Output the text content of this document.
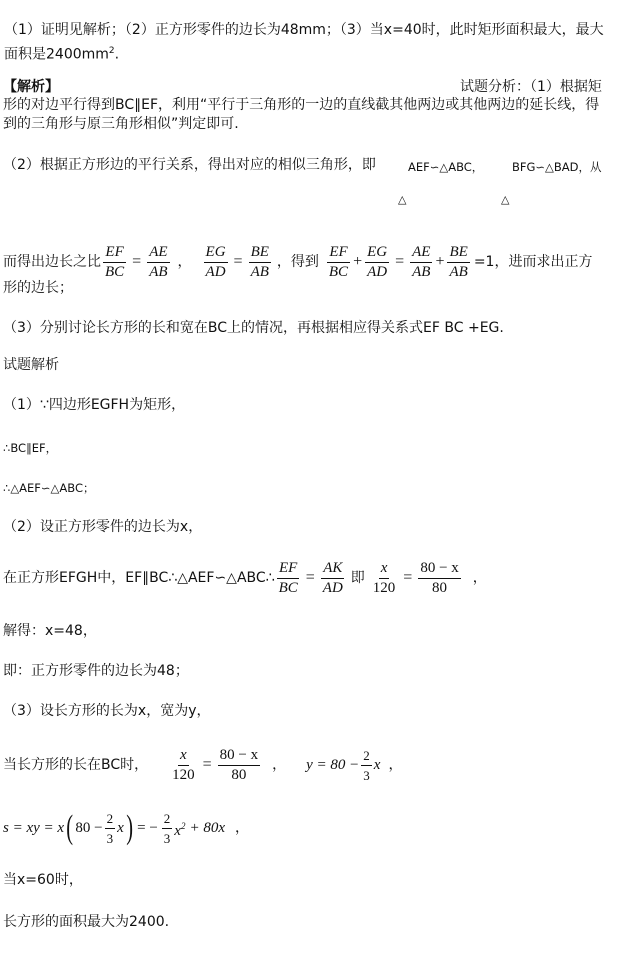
（1）证明见解析；（2）正方形零件的边长为48mm；（3）当x=40时，此时矩形面积最大，最大
面积是$2400mm^2$.
【解析】	试题分析：（1）根据矩
形的对边平行得到BC∥EF，利用“平行于三角形的一边的直线截其他两边或其他两边的延长线，得
到的三角形与原三角形相似”判定即可.
（2）根据正方形边的平行关系，得出对应的相似三角形，即	AEF∽△ABC， BFG∽△BAD，从
△	△
而得出边长之比 $\frac{EF}{BC} = \frac{AE}{AB}$ ， $\frac{EG}{AD} = \frac{BE}{AB}$ ，得到 $\frac{EF}{BC} + \frac{EG}{AD} = \frac{AE}{AB} + \frac{BE}{AB} =1$，进而求出正方
形的边长；
（3）分别讨论长方形的长和宽在BC上的情况，再根据相应得关系式EF BC +EG.
试题解析
（1）∵四边形EGFH为矩形，
∴BC∥EF，
∴△AEF∽△ABC；
（2）设正方形零件的边长为x，
在正方形EFGH中，EF∥BC∴△AEF∽△ABC∴ $\frac{EF}{BC} = \frac{AK}{AD}$ 即 $\frac{x}{120} = \frac{80 - x}{80}$ ，
解得：x=48，
即：正方形零件的边长为48；
（3）设长方形的长为x，宽为y，
当长方形的长在BC时， $\frac{x}{120} = \frac{80 - x}{80}$ ， $y = 80 - \frac{2}{3}$ x ，
s = xy = x ( $80 - \frac{2}{3}$ x ) = − $\frac{2}{3} x^2 + 80x$ ，
当x=60时，
长方形的面积最大为2400.
